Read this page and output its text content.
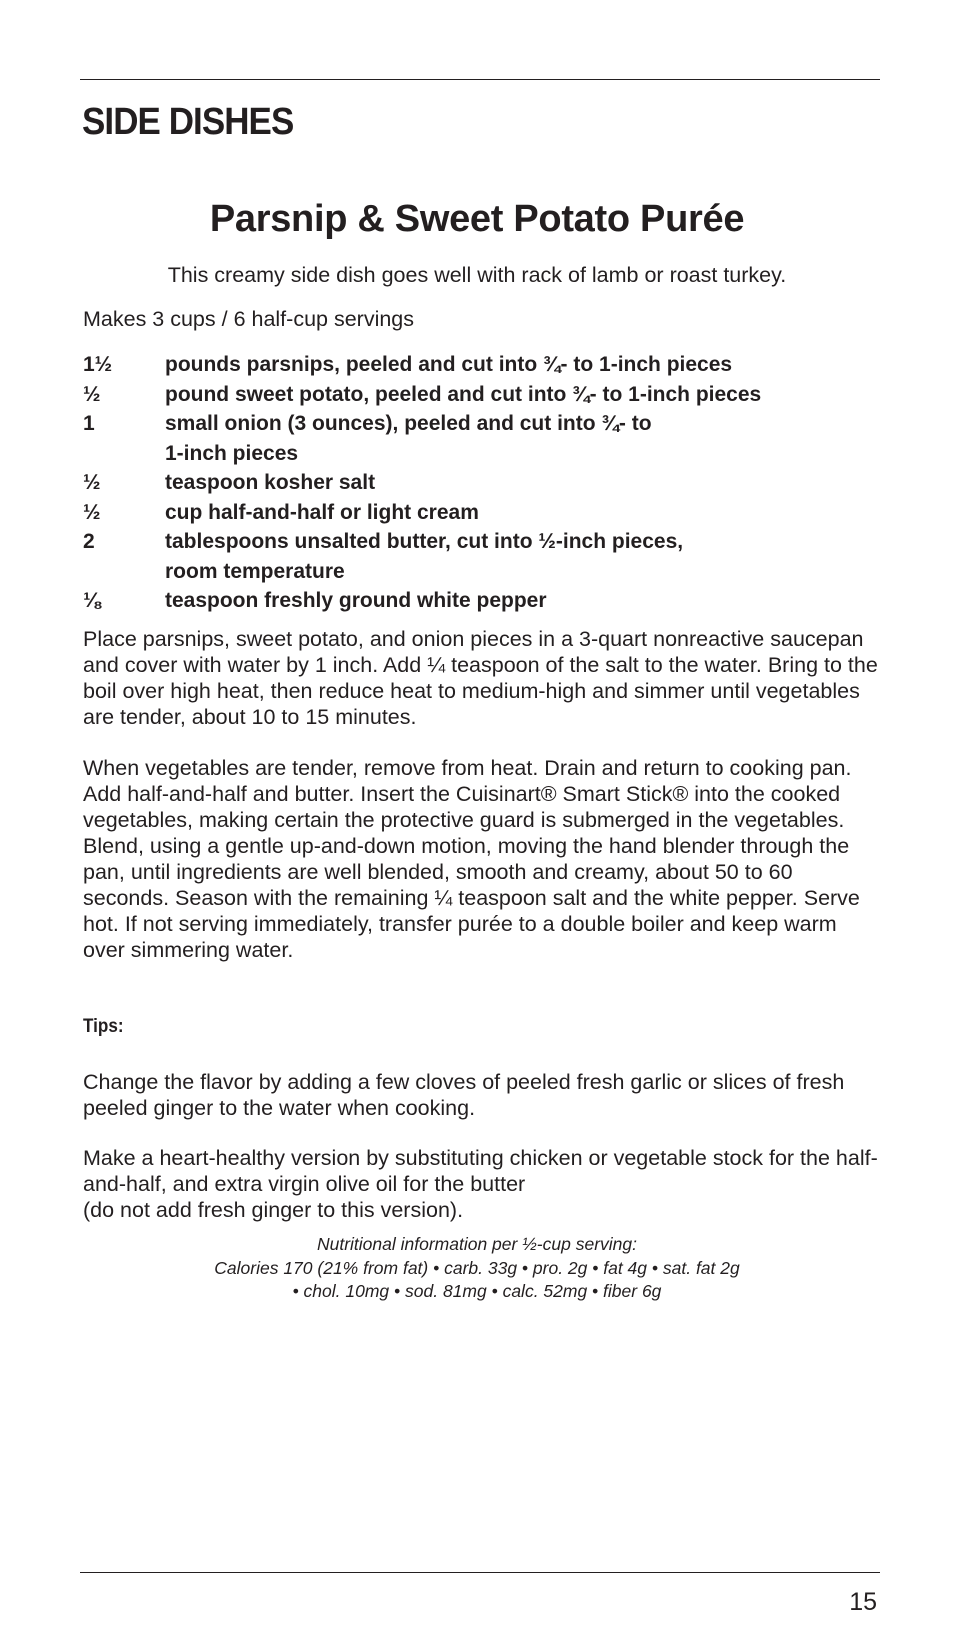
SIDE DISHES
Parsnip & Sweet Potato Purée

This creamy side dish goes well with rack of lamb or roast turkey.

Makes 3 cups / 6 half-cup servings

1½	pounds parsnips, peeled and cut into ¾- to 1-inch pieces
½	pound sweet potato, peeled and cut into ¾- to 1-inch pieces
1	small onion (3 ounces), peeled and cut into ¾- to
1-inch pieces
½	teaspoon kosher salt
½	cup half-and-half or light cream
2	tablespoons unsalted butter, cut into ½-inch pieces,
room temperature
⅛	teaspoon freshly ground white pepper

Place parsnips, sweet potato, and onion pieces in a 3-quart nonreactive saucepan and cover with water by 1 inch. Add ¼ teaspoon of the salt to the water. Bring to the boil over high heat, then reduce heat to medium-high and simmer until vegetables are tender, about 10 to 15 minutes.

When vegetables are tender, remove from heat. Drain and return to cooking pan. Add half-and-half and butter. Insert the Cuisinart® Smart Stick® into the cooked vegetables, making certain the protective guard is submerged in the vegetables. Blend, using a gentle up-and-down motion, moving the hand blender through the pan, until ingredients are well blended, smooth and creamy, about 50 to 60 seconds. Season with the remaining ¼ teaspoon salt and the white pepper. Serve hot. If not serving immediately, transfer purée to a double boiler and keep warm over simmering water.

Tips:

Change the flavor by adding a few cloves of peeled fresh garlic or slices of fresh peeled ginger to the water when cooking.

Make a heart-healthy version by substituting chicken or vegetable stock for the half-and-half, and extra virgin olive oil for the butter
(do not add fresh ginger to this version).

Nutritional information per ½-cup serving:

Calories 170 (21% from fat) • carb. 33g • pro. 2g • fat 4g • sat. fat 2g

• chol. 10mg • sod. 81mg • calc. 52mg • fiber 6g

15
